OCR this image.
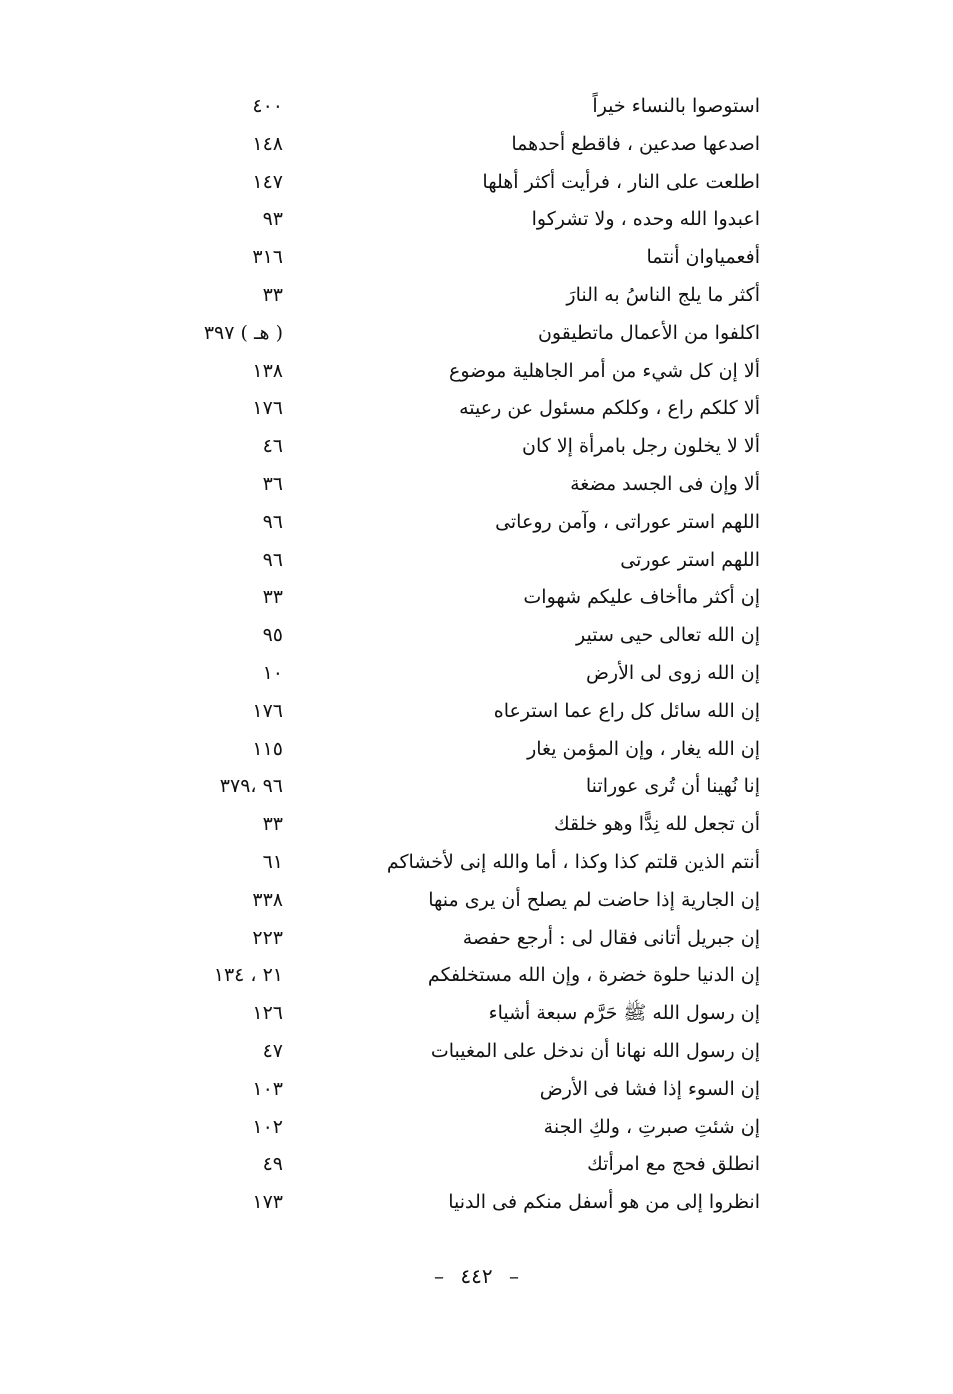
استوصوا بالنساء خيراً
٤٠٠
اصدعها صدعين ، فاقطع أحدهما
١٤٨
اطلعت على النار ، فرأيت أكثر أهلها
١٤٧
اعبدوا الله وحده ، ولا تشركوا
٩٣
أفعمياوان أنتما
٣١٦
أكثر ما يلج الناسُ به النارَ
٣٣
اكلفوا من الأعمال ماتطيقون
( هـ ) ٣٩٧
ألا إن كل شيء من أمر الجاهلية موضوع
١٣٨
ألا كلكم راع ، وكلكم مسئول عن رعيته
١٧٦
ألا لا يخلون رجل بامرأة إلا كان
٤٦
ألا وإن فى الجسد مضغة
٣٦
اللهم استر عوراتى ، وآمن روعاتى
٩٦
اللهم استر عورتى
٩٦
إن أكثر ماأخاف عليكم شهوات
٣٣
إن الله تعالى حيى ستير
٩٥
إن الله زوى لى الأرض
١٠
إن الله سائل كل راع عما استرعاه
١٧٦
إن الله يغار ، وإن المؤمن يغار
١١٥
إنا نُهينا أن تُرى عوراتنا
٩٦ ،٣٧٩
أن تجعل لله نِدًّا وهو خلقك
٣٣
أنتم الذين قلتم كذا وكذا ، أما والله إنى لأخشاكم
٦١
إن الجارية إذا حاضت لم يصلح أن يرى منها
٣٣٨
إن جبريل أتانى فقال لى : أرجع حفصة
٢٢٣
إن الدنيا حلوة خضرة ، وإن الله مستخلفكم
٢١ ، ١٣٤
إن رسول الله ﷺ حَرَّم سبعة أشياء
١٢٦
إن رسول الله نهانا أن ندخل على المغيبات
٤٧
إن السوء إذا فشا فى الأرض
١٠٣
إن شئتِ صبرتِ ، ولكِ الجنة
١٠٢
انطلق فحج مع امرأتك
٤٩
انظروا إلى من هو أسفل منكم فى الدنيا
١٧٣
– ٤٤٢ –
